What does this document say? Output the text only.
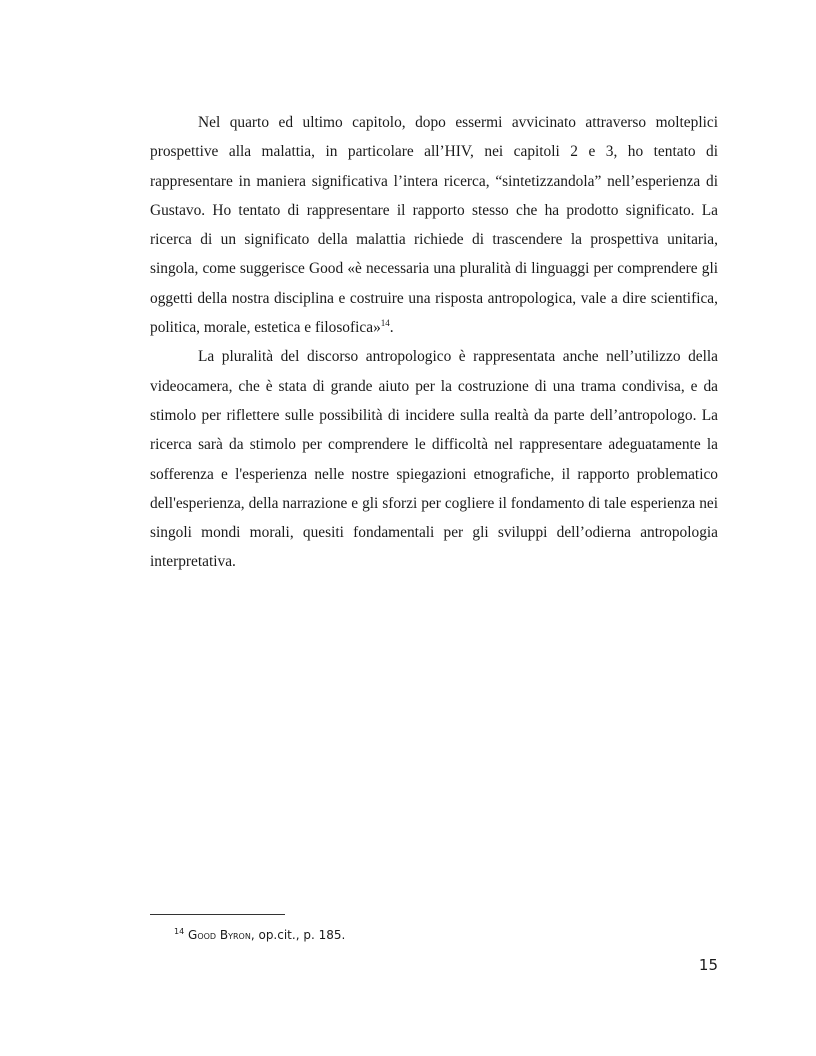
Nel quarto ed ultimo capitolo, dopo essermi avvicinato attraverso molteplici prospettive alla malattia, in particolare all’HIV, nei capitoli 2 e 3, ho tentato di rappresentare in maniera significativa l’intera ricerca, “sintetizzandola” nell’esperienza di Gustavo. Ho tentato di rappresentare il rapporto stesso che ha prodotto significato. La ricerca di un significato della malattia richiede di trascendere la prospettiva unitaria, singola, come suggerisce Good «è necessaria una pluralità di linguaggi per comprendere gli oggetti della nostra disciplina e costruire una risposta antropologica, vale a dire scientifica, politica, morale, estetica e filosofica»$^{14}$.

La pluralità del discorso antropologico è rappresentata anche nell’utilizzo della videocamera, che è stata di grande aiuto per la costruzione di una trama condivisa, e da stimolo per riflettere sulle possibilità di incidere sulla realtà da parte dell’antropologo. La ricerca sarà da stimolo per comprendere le difficoltà nel rappresentare adeguatamente la sofferenza e l'esperienza nelle nostre spiegazioni etnografiche, il rapporto problematico dell'esperienza, della narrazione e gli sforzi per cogliere il fondamento di tale esperienza nei singoli mondi morali, quesiti fondamentali per gli sviluppi dell’odierna antropologia interpretativa.

$^{14}$ Good Byron, op.cit., p. 185.
15
